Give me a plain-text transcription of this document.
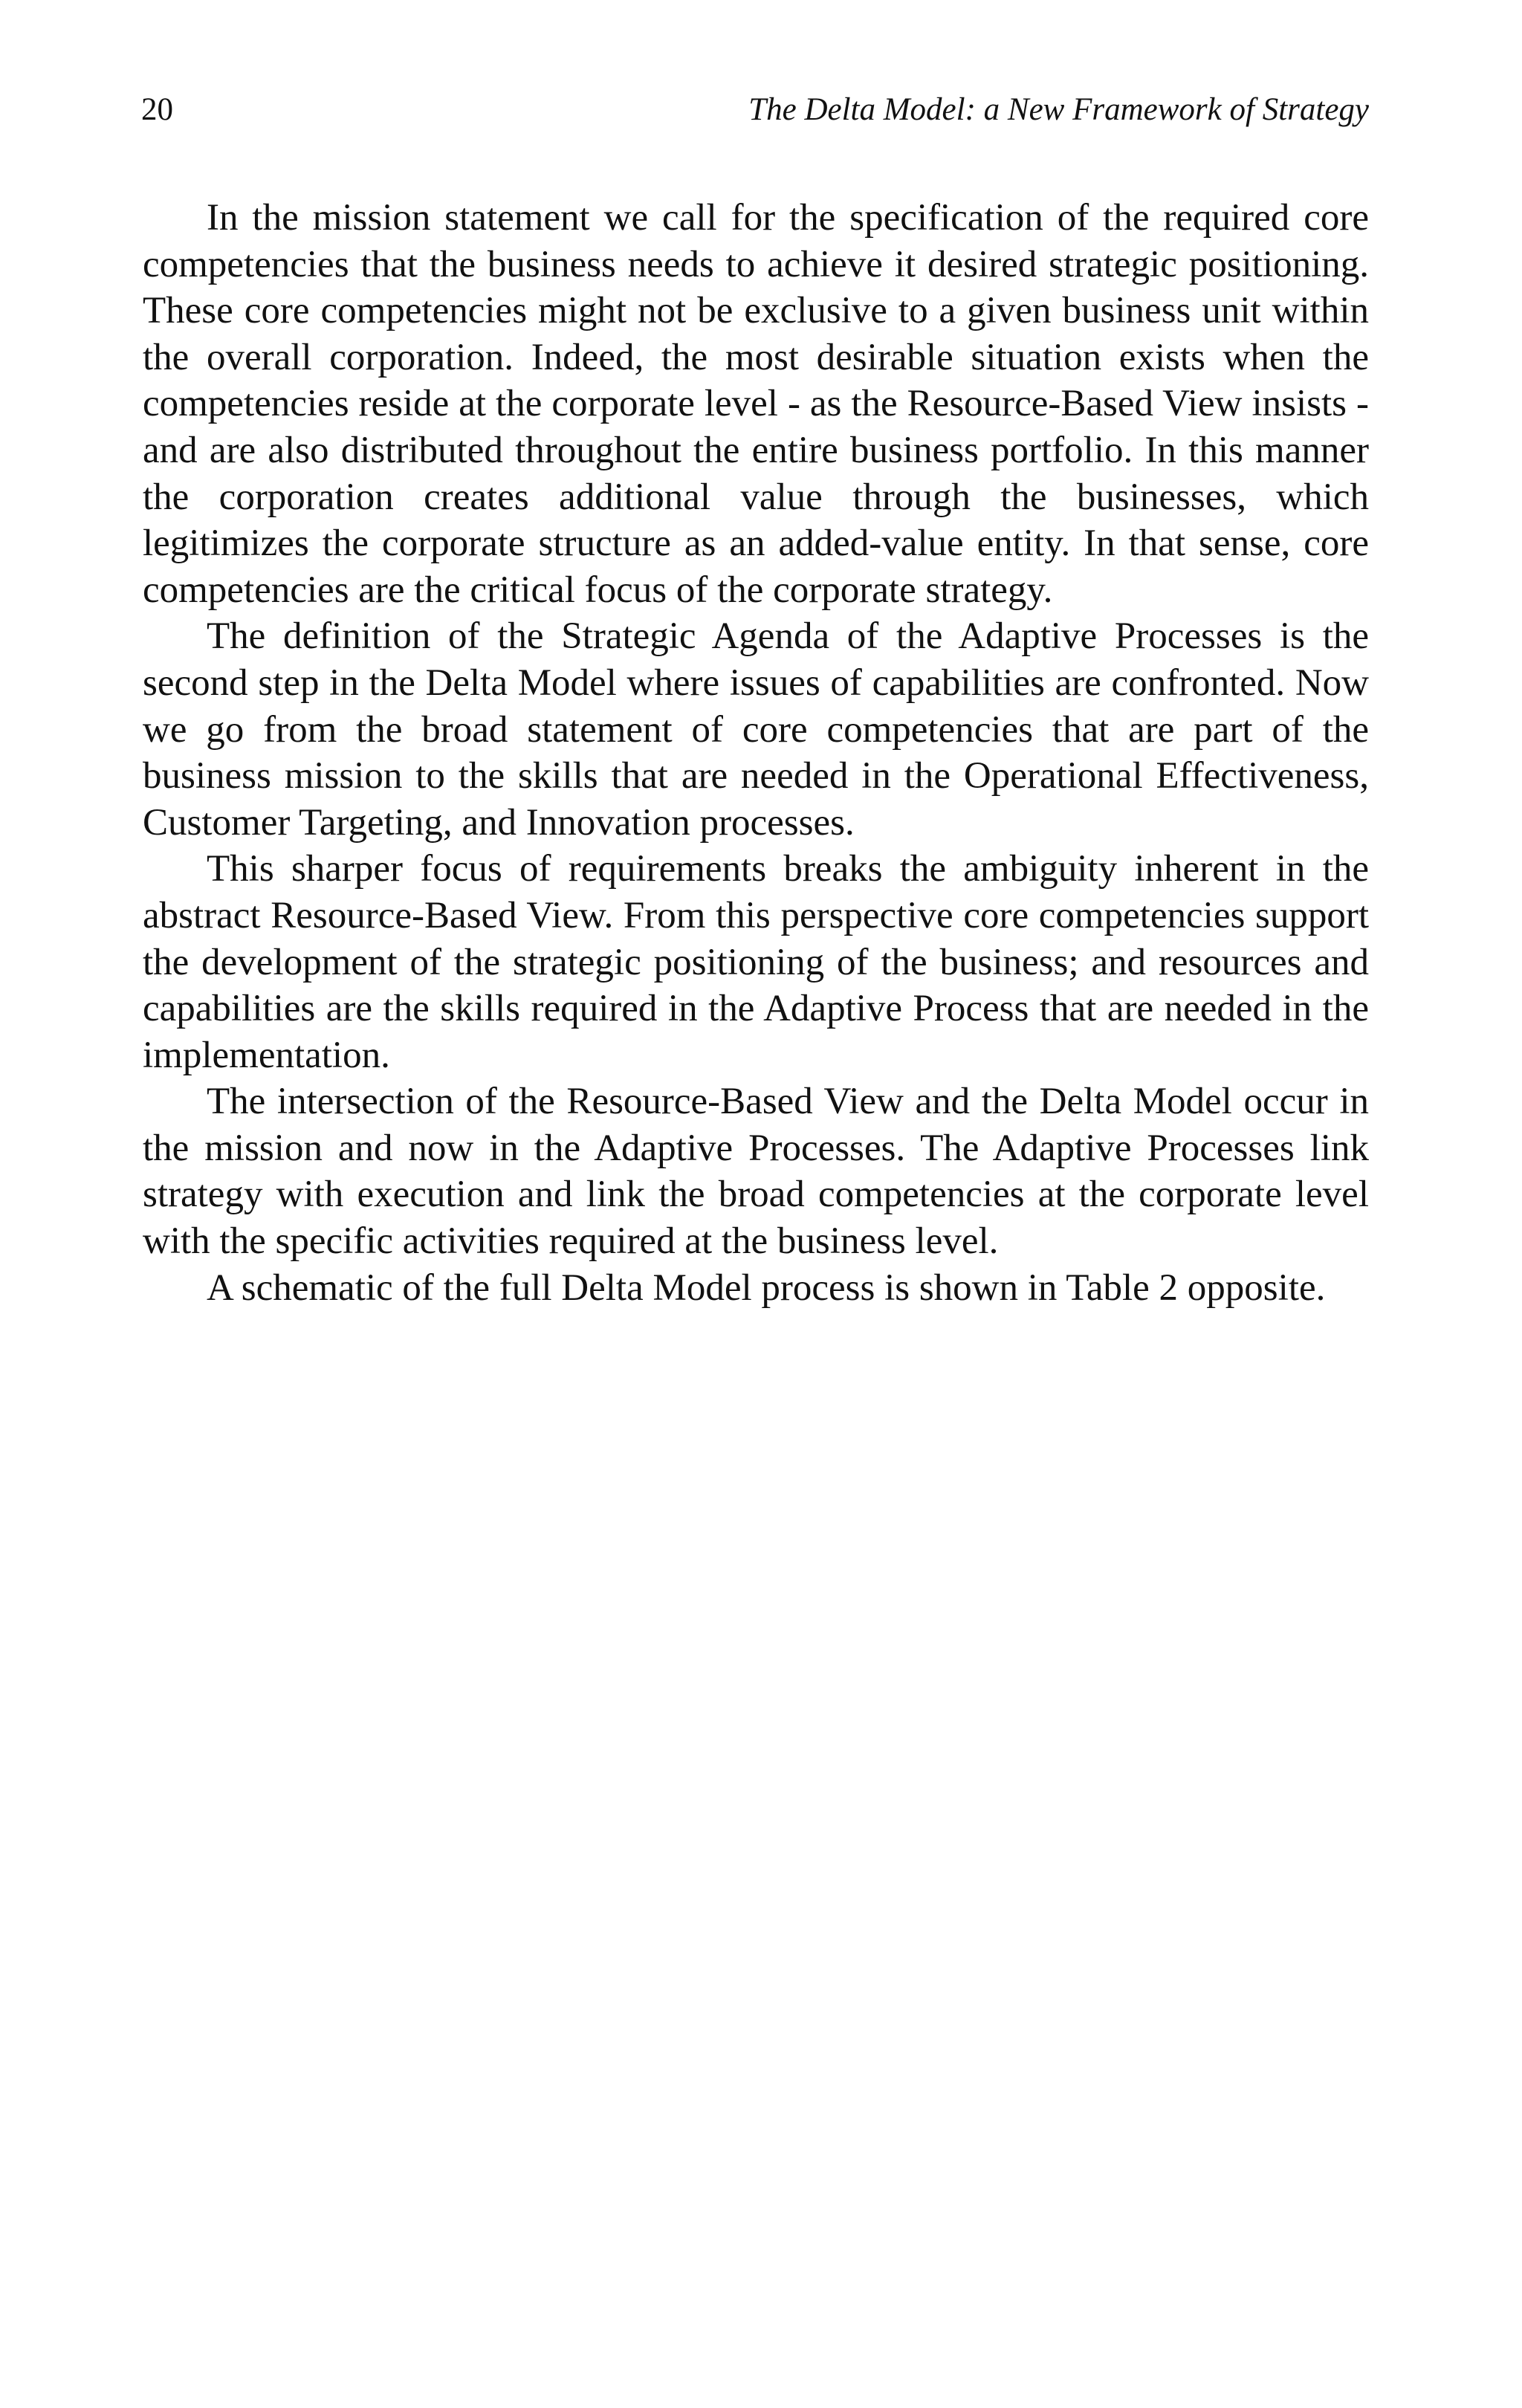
20	The Delta Model: a New Framework of Strategy

In the mission statement we call for the specification of the required core competencies that the business needs to achieve it desired strategic positioning. These core competencies might not be exclusive to a given business unit within the overall corporation. Indeed, the most desirable situation exists when the competencies reside at the corporate level - as the Resource-Based View insists - and are also distributed throughout the entire business portfolio. In this manner the corporation creates additional value through the businesses, which legitimizes the corporate structure as an added-value entity. In that sense, core competencies are the critical focus of the corporate strategy.

The definition of the Strategic Agenda of the Adaptive Processes is the second step in the Delta Model where issues of capabilities are confronted. Now we go from the broad statement of core competencies that are part of the business mission to the skills that are needed in the Operational Effectiveness, Customer Targeting, and Innovation processes.

This sharper focus of requirements breaks the ambiguity inherent in the abstract Resource-Based View. From this perspective core competencies support the development of the strategic positioning of the business; and resources and capabilities are the skills required in the Adaptive Process that are needed in the implementation.

The intersection of the Resource-Based View and the Delta Model occur in the mission and now in the Adaptive Processes. The Adaptive Processes link strategy with execution and link the broad competencies at the corporate level with the specific activities required at the business level.

A schematic of the full Delta Model process is shown in Table 2 opposite.
